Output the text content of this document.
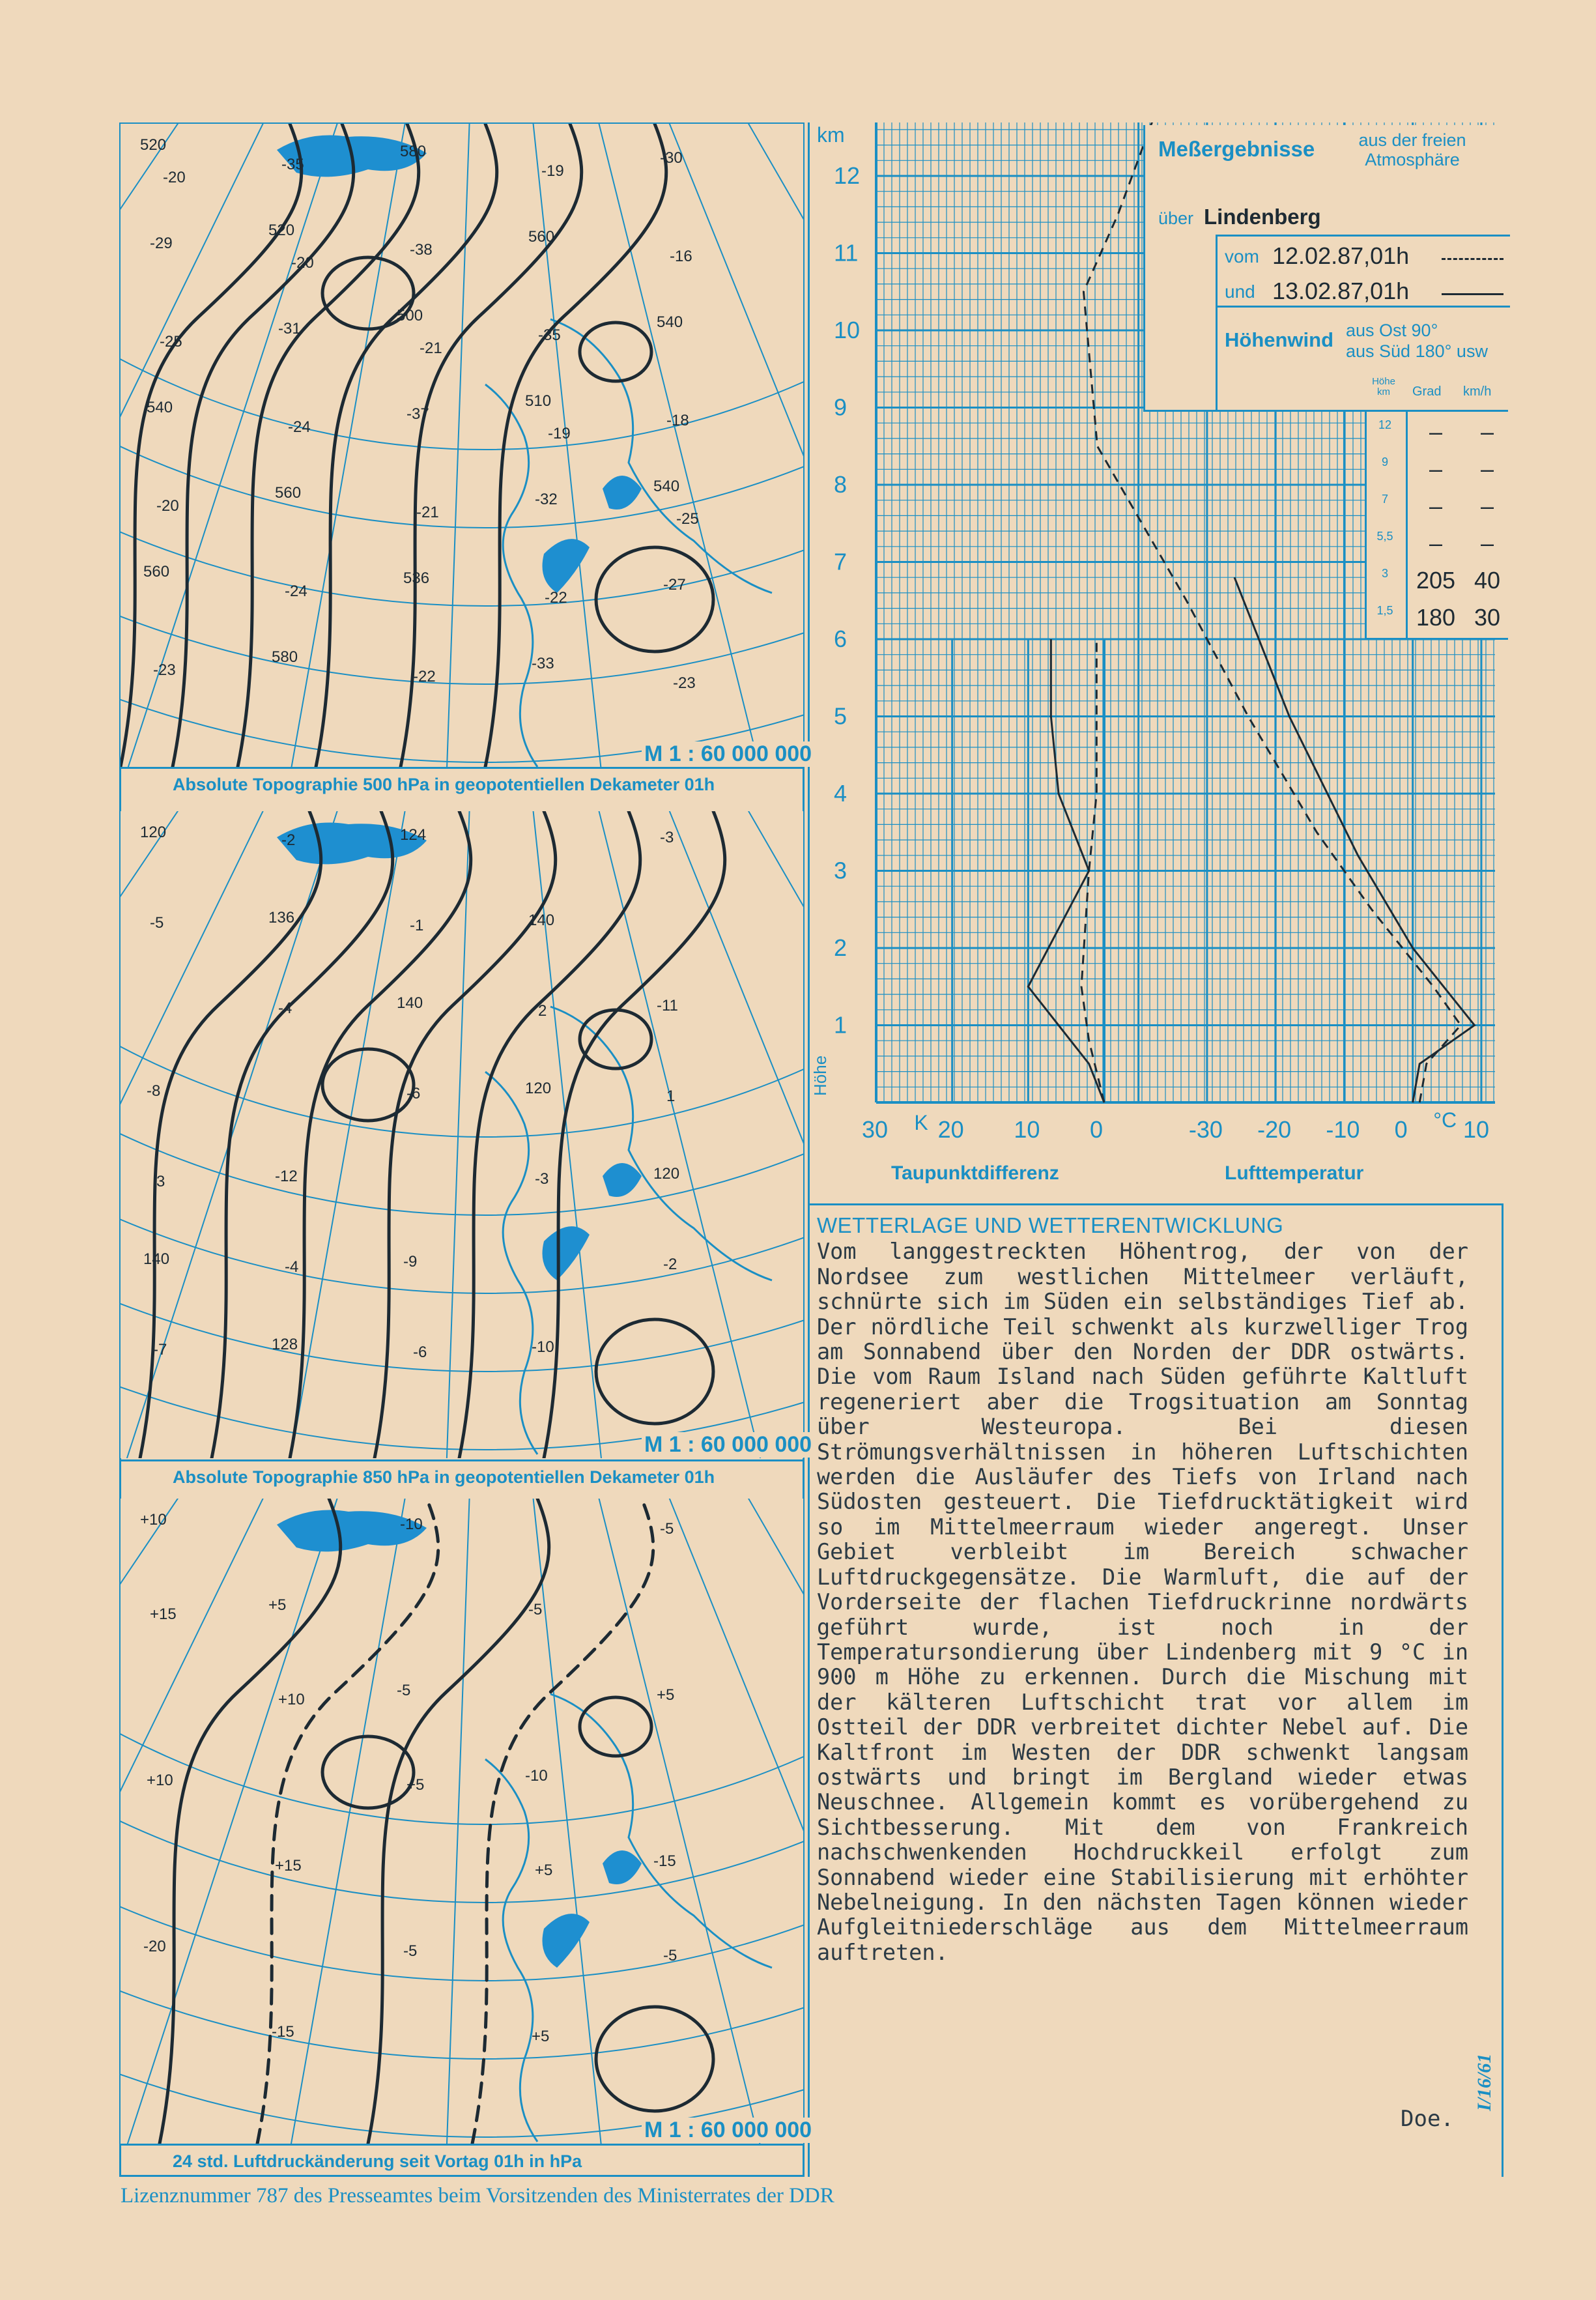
520
520
500
510
540
560
580
580
560
540
540
560
536
-33
-30
-29
-31
-37
-32
-27
-23
-35
-38
-35
-18
-20
-24
-22
-19
-16
-25
-24
-21
-22
-23
-20
-20
-21
-19
-25
M 1 : 60 000 000
Absolute Topographie 500 hPa in geopotentiellen Dekameter 01h
120
136
140
120
120
140
128
124
140
-11
-8
-12
-9
-10
-3
-5
-4
-6
-3
-2
-7
-2
-1
2
1
3
-4
-6
M 1 : 60 000 000
Absolute Topographie 850 hPa in geopotentiellen Dekameter 01h
+10
+5
-5
-10
-15
-20
-15
-10
-5
+5
+10
+15
-5
+5
-5
+15
+10
+5
+5
-5
M 1 : 60 000 000
24 std. Luftdruckänderung seit Vortag 01h in hPa
km
12
11
10
9
8
7
6
5
4
3
2
1
Höhe
30 20 10 0
K	-30 -20 -10 0 10
°C
Taupunktdifferenz	Lufttemperatur
Meßergebnisse	aus der freien Atmosphäre
über Lindenberg
vom 12.02.87,01h
und 13.02.87,01h
Höhenwind aus Ost 90°
aus Süd 180° usw
Höhe km	Grad km/h
12	–	–
9	–	–
7	–	–
5,5	–	–
3	205 40
1,5 180 30
WETTERLAGE UND WETTERENTWICKLUNG

Vom langgestreckten Höhentrog, der von der Nordsee zum westlichen Mittelmeer verläuft, schnürte sich im Süden ein selbständiges Tief ab. Der nördliche Teil schwenkt als kurzwelliger Trog am Sonnabend über den Norden der DDR ostwärts. Die vom Raum Island nach Süden geführte Kaltluft regeneriert aber die Trogsituation am Sonntag über Westeuropa. Bei diesen Strömungsverhältnissen in höheren Luftschichten werden die Ausläufer des Tiefs von Irland nach Südosten gesteuert. Die Tiefdrucktätigkeit wird so im Mittelmeerraum wieder angeregt. Unser Gebiet verbleibt im Bereich schwacher Luftdruckgegensätze. Die Warmluft, die auf der Vorderseite der flachen Tiefdruckrinne nordwärts geführt wurde, ist noch in der Temperatursondierung über Lindenberg mit 9 °C in 900 m Höhe zu erkennen. Durch die Mischung mit der kälteren Luftschicht trat vor allem im Ostteil der DDR verbreitet dichter Nebel auf. Die Kaltfront im Westen der DDR schwenkt langsam ostwärts und bringt im Bergland wieder etwas Neuschnee. Allgemein kommt es vorübergehend zu Sichtbesserung. Mit dem von Frankreich nachschwenkenden Hochdruckkeil erfolgt zum Sonnabend wieder eine Stabilisierung mit erhöhter Nebelneigung. In den nächsten Tagen können wieder Aufgleitniederschläge aus dem Mittelmeerraum auftreten.

Doe.
I/16/61
Lizenznummer 787 des Presseamtes beim Vorsitzenden des Ministerrates der DDR
